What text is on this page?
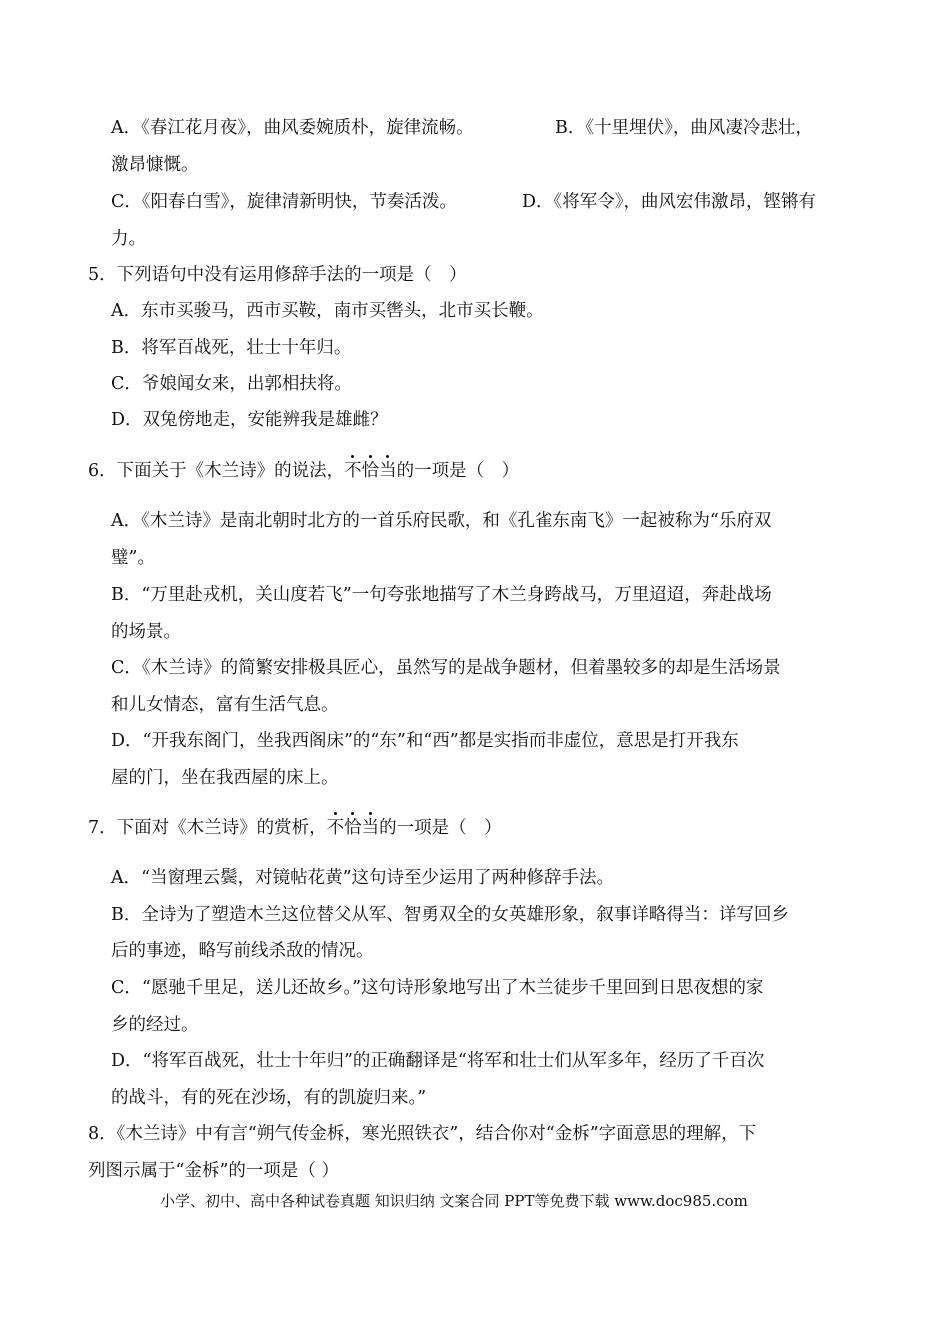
A．《春江花月夜》，曲风委婉质朴，旋律流畅。	B．《十里埋伏》，曲风凄冷悲壮，
激昂慷慨。
C．《阳春白雪》，旋律清新明快，节奏活泼。	D．《将军令》，曲风宏伟激昂，铿锵有
力。
5．下列语句中没有运用修辞手法的一项是（　）
A．东市买骏马，西市买鞍，南市买辔头，北市买长鞭。
B．将军百战死，壮士十年归。
C．爷娘闻女来，出郭相扶将。
D．双兔傍地走，安能辨我是雄雌？
6．下面关于《木兰诗》的说法，不恰当的一项是（　）
A．《木兰诗》是南北朝时北方的一首乐府民歌，和《孔雀东南飞》一起被称为“乐府双
璧”。
B．“万里赴戎机，关山度若飞”一句夸张地描写了木兰身跨战马，万里迢迢，奔赴战场
的场景。
C．《木兰诗》的简繁安排极具匠心，虽然写的是战争题材，但着墨较多的却是生活场景
和儿女情态，富有生活气息。
D．“开我东阁门，坐我西阁床”的“东”和“西”都是实指而非虚位，意思是打开我东
屋的门，坐在我西屋的床上。
7．下面对《木兰诗》的赏析，不恰当的一项是（　）
A．“当窗理云鬓，对镜帖花黄”这句诗至少运用了两种修辞手法。
B．全诗为了塑造木兰这位替父从军、智勇双全的女英雄形象，叙事详略得当：详写回乡
后的事迹，略写前线杀敌的情况。
C．“愿驰千里足，送儿还故乡。”这句诗形象地写出了木兰徒步千里回到日思夜想的家
乡的经过。
D．“将军百战死，壮士十年归”的正确翻译是“将军和壮士们从军多年，经历了千百次
的战斗，有的死在沙场，有的凯旋归来。”
8．《木兰诗》中有言“朔气传金柝，寒光照铁衣”，结合你对“金柝”字面意思的理解，下
列图示属于“金柝”的一项是（ ）
小学、初中、高中各种试卷真题 知识归纳 文案合同 PPT等免费下载 www.doc985.com
